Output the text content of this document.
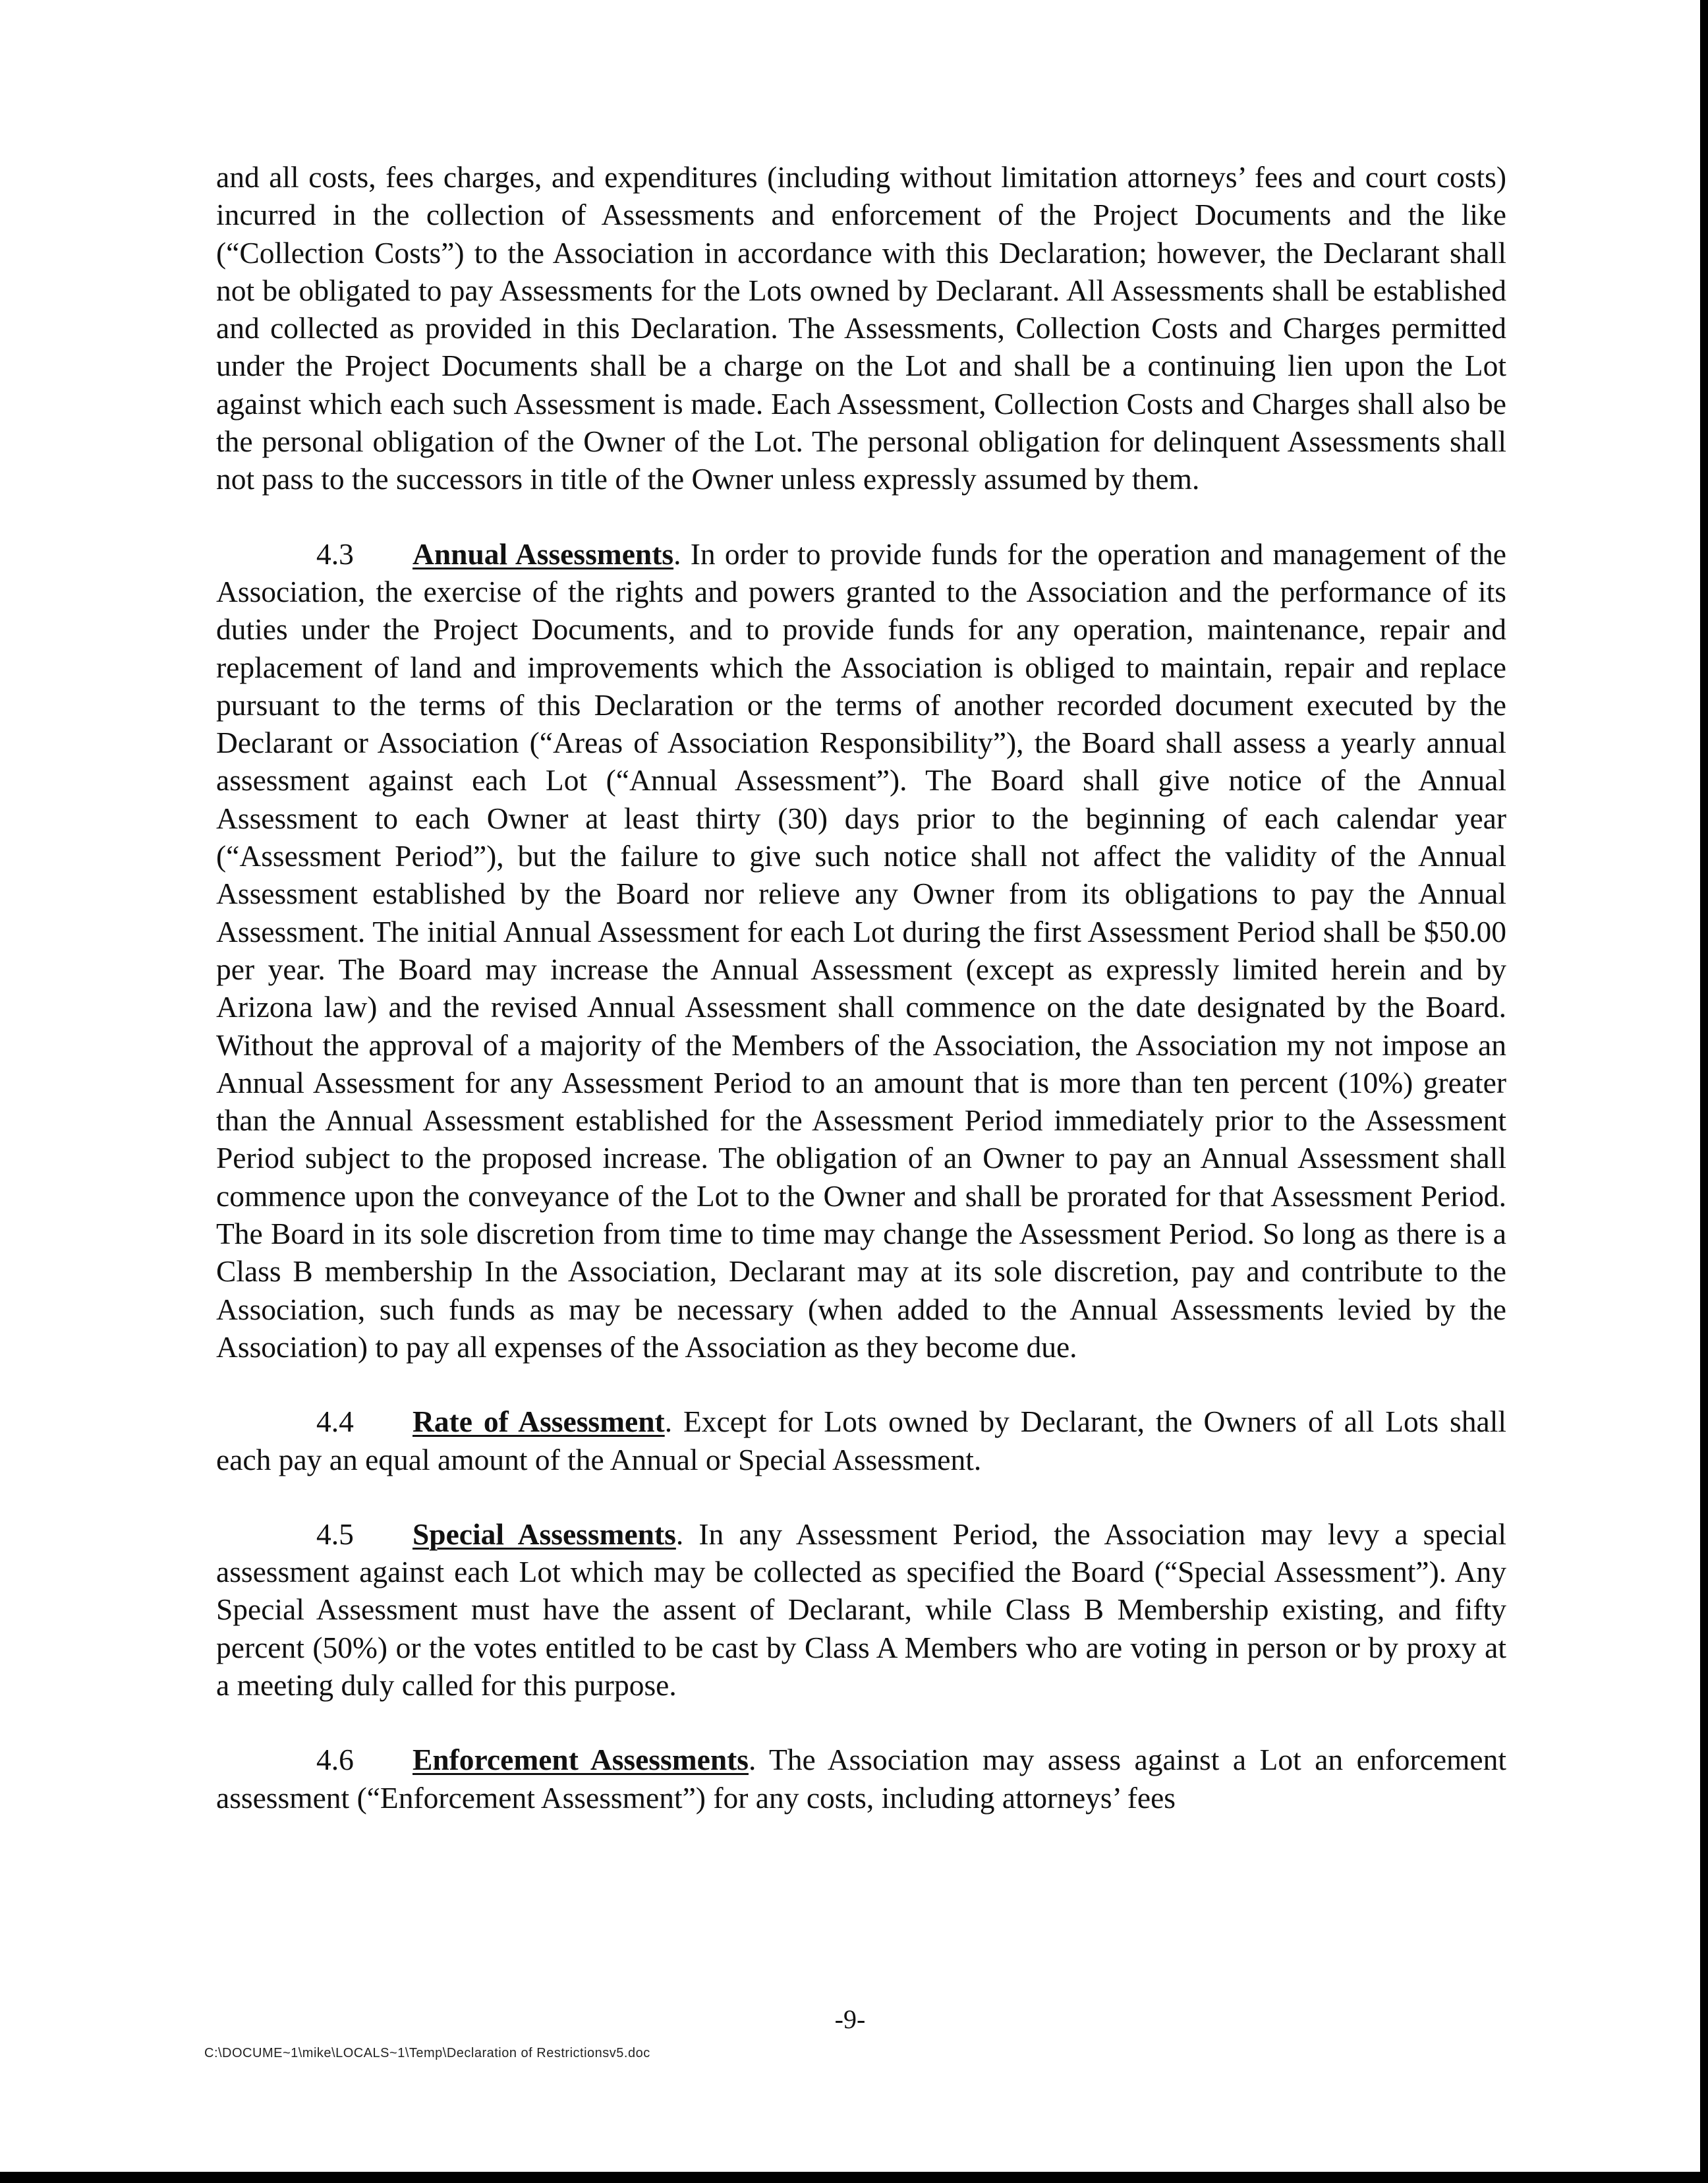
and all costs, fees charges, and expenditures (including without limitation attorneys’ fees and court costs) incurred in the collection of Assessments and enforcement of the Project Documents and the like (“Collection Costs”) to the Association in accordance with this Declaration; however, the Declarant shall not be obligated to pay Assessments for the Lots owned by Declarant. All Assessments shall be established and collected as provided in this Declaration. The Assessments, Collection Costs and Charges permitted under the Project Documents shall be a charge on the Lot and shall be a continuing lien upon the Lot against which each such Assessment is made. Each Assessment, Collection Costs and Charges shall also be the personal obligation of the Owner of the Lot. The personal obligation for delinquent Assessments shall not pass to the successors in title of the Owner unless expressly assumed by them.

4.3 Annual Assessments. In order to provide funds for the operation and management of the Association, the exercise of the rights and powers granted to the Association and the performance of its duties under the Project Documents, and to provide funds for any operation, maintenance, repair and replacement of land and improvements which the Association is obliged to maintain, repair and replace pursuant to the terms of this Declaration or the terms of another recorded document executed by the Declarant or Association (“Areas of Association Responsibility”), the Board shall assess a yearly annual assessment against each Lot (“Annual Assessment”). The Board shall give notice of the Annual Assessment to each Owner at least thirty (30) days prior to the beginning of each calendar year (“Assessment Period”), but the failure to give such notice shall not affect the validity of the Annual Assessment established by the Board nor relieve any Owner from its obligations to pay the Annual Assessment. The initial Annual Assessment for each Lot during the first Assessment Period shall be $50.00 per year. The Board may increase the Annual Assessment (except as expressly limited herein and by Arizona law) and the revised Annual Assessment shall commence on the date designated by the Board. Without the approval of a majority of the Members of the Association, the Association my not impose an Annual Assessment for any Assessment Period to an amount that is more than ten percent (10%) greater than the Annual Assessment established for the Assessment Period immediately prior to the Assessment Period subject to the proposed increase. The obligation of an Owner to pay an Annual Assessment shall commence upon the conveyance of the Lot to the Owner and shall be prorated for that Assessment Period. The Board in its sole discretion from time to time may change the Assessment Period. So long as there is a Class B membership In the Association, Declarant may at its sole discretion, pay and contribute to the Association, such funds as may be necessary (when added to the Annual Assessments levied by the Association) to pay all expenses of the Association as they become due.

4.4 Rate of Assessment. Except for Lots owned by Declarant, the Owners of all Lots shall each pay an equal amount of the Annual or Special Assessment.

4.5 Special Assessments. In any Assessment Period, the Association may levy a special assessment against each Lot which may be collected as specified the Board (“Special Assessment”). Any Special Assessment must have the assent of Declarant, while Class B Membership existing, and fifty percent (50%) or the votes entitled to be cast by Class A Members who are voting in person or by proxy at a meeting duly called for this purpose.

4.6 Enforcement Assessments. The Association may assess against a Lot an enforcement assessment (“Enforcement Assessment”) for any costs, including attorneys’ fees

-9-
C:\DOCUME~1\mike\LOCALS~1\Temp\Declaration of Restrictionsv5.doc
